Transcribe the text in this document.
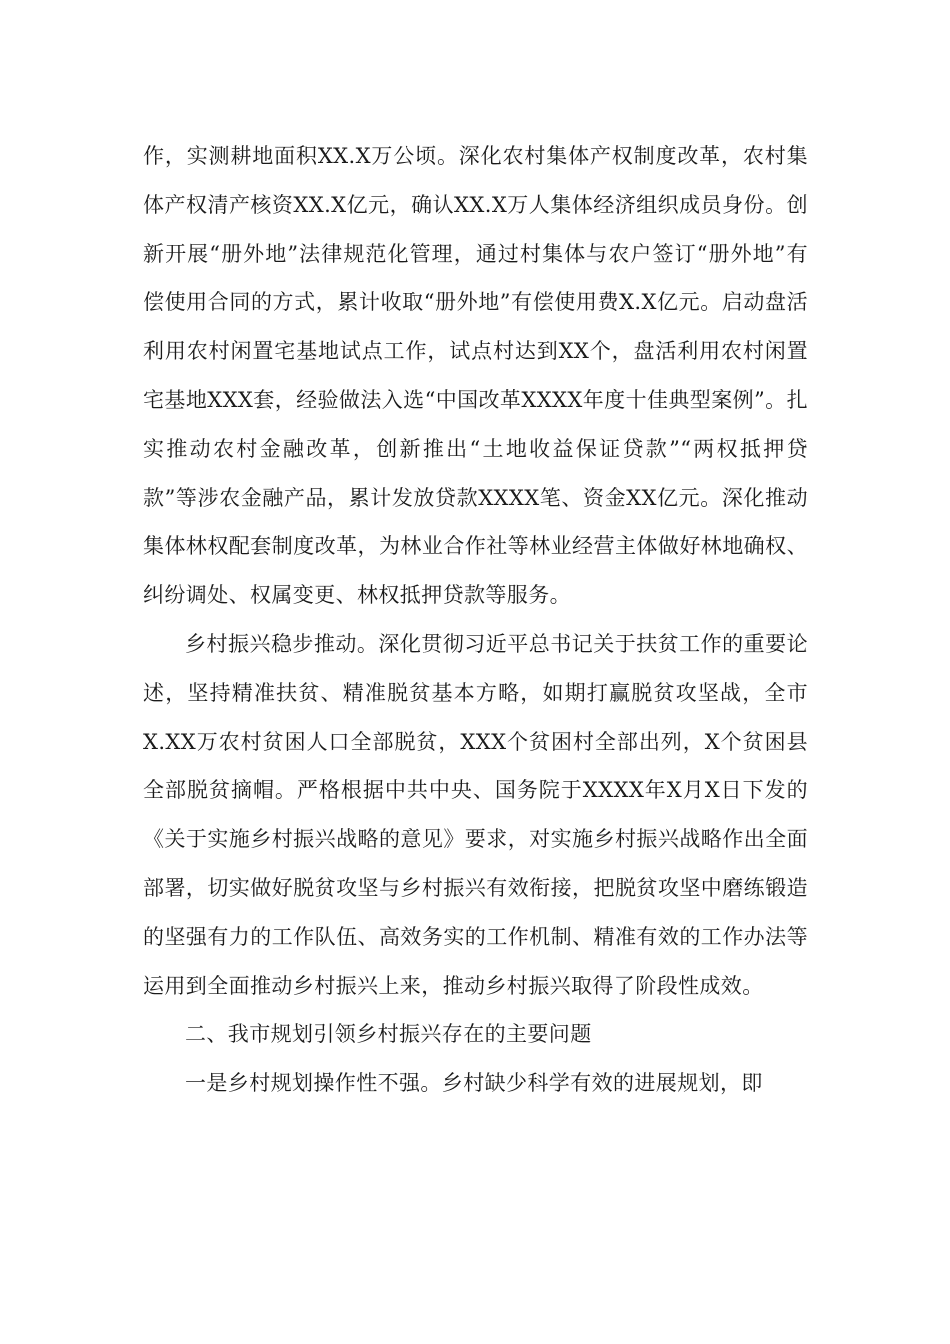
作，实测耕地面积XX.X万公顷。深化农村集体产权制度改革，农村集体产权清产核资XX.X亿元，确认XX.X万人集体经济组织成员身份。创新开展“册外地”法律规范化管理，通过村集体与农户签订“册外地”有偿使用合同的方式，累计收取“册外地”有偿使用费X.X亿元。启动盘活利用农村闲置宅基地试点工作，试点村达到XX个，盘活利用农村闲置宅基地XXX套，经验做法入选“中国改革XXXX年度十佳典型案例”。扎实推动农村金融改革，创新推出“土地收益保证贷款”“两权抵押贷款”等涉农金融产品，累计发放贷款XXXX笔、资金XX亿元。深化推动集体林权配套制度改革，为林业合作社等林业经营主体做好林地确权、纠纷调处、权属变更、林权抵押贷款等服务。

乡村振兴稳步推动。深化贯彻习近平总书记关于扶贫工作的重要论述，坚持精准扶贫、精准脱贫基本方略，如期打赢脱贫攻坚战，全市X.XX万农村贫困人口全部脱贫，XXX个贫困村全部出列，X个贫困县全部脱贫摘帽。严格根据中共中央、国务院于XXXX年X月X日下发的《关于实施乡村振兴战略的意见》要求，对实施乡村振兴战略作出全面部署，切实做好脱贫攻坚与乡村振兴有效衔接，把脱贫攻坚中磨练锻造的坚强有力的工作队伍、高效务实的工作机制、精准有效的工作办法等运用到全面推动乡村振兴上来，推动乡村振兴取得了阶段性成效。

二、我市规划引领乡村振兴存在的主要问题

一是乡村规划操作性不强。乡村缺少科学有效的进展规划，即
